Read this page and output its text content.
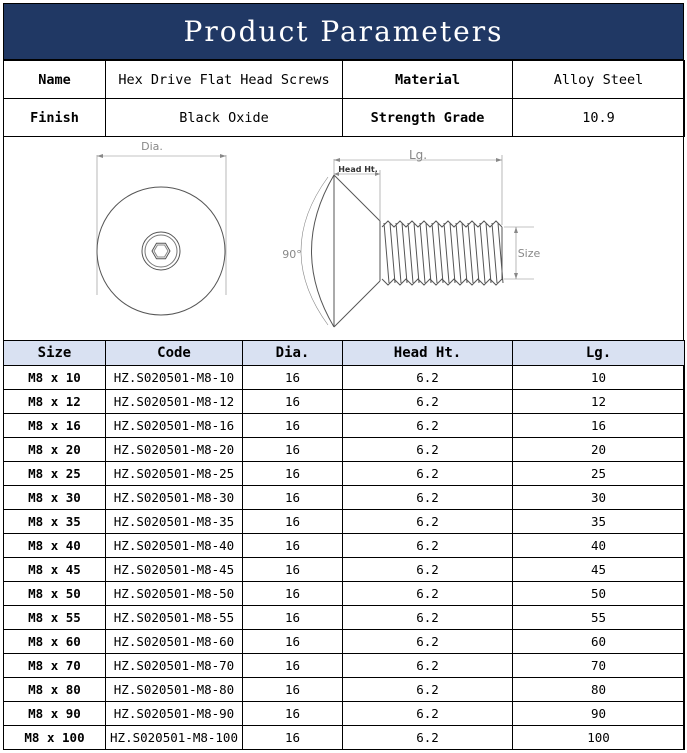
Product Parameters
Name	Hex Drive Flat Head Screws	Material	Alloy Steel
Finish	Black Oxide	Strength Grade	10.9
Dia.
Lg.
Head Ht.
90°	Size
Size	Code	Dia.	Head Ht.	Lg.
M8 x 10	HZ.S020501-M8-10	16	6.2	10
M8 x 12	HZ.S020501-M8-12	16	6.2	12
M8 x 16	HZ.S020501-M8-16	16	6.2	16
M8 x 20	HZ.S020501-M8-20	16	6.2	20
M8 x 25	HZ.S020501-M8-25	16	6.2	25
M8 x 30	HZ.S020501-M8-30	16	6.2	30
M8 x 35	HZ.S020501-M8-35	16	6.2	35
M8 x 40	HZ.S020501-M8-40	16	6.2	40
M8 x 45	HZ.S020501-M8-45	16	6.2	45
M8 x 50	HZ.S020501-M8-50	16	6.2	50
M8 x 55	HZ.S020501-M8-55	16	6.2	55
M8 x 60	HZ.S020501-M8-60	16	6.2	60
M8 x 70	HZ.S020501-M8-70	16	6.2	70
M8 x 80	HZ.S020501-M8-80	16	6.2	80
M8 x 90	HZ.S020501-M8-90	16	6.2	90
M8 x 100	HZ.S020501-M8-100	16	6.2	100
